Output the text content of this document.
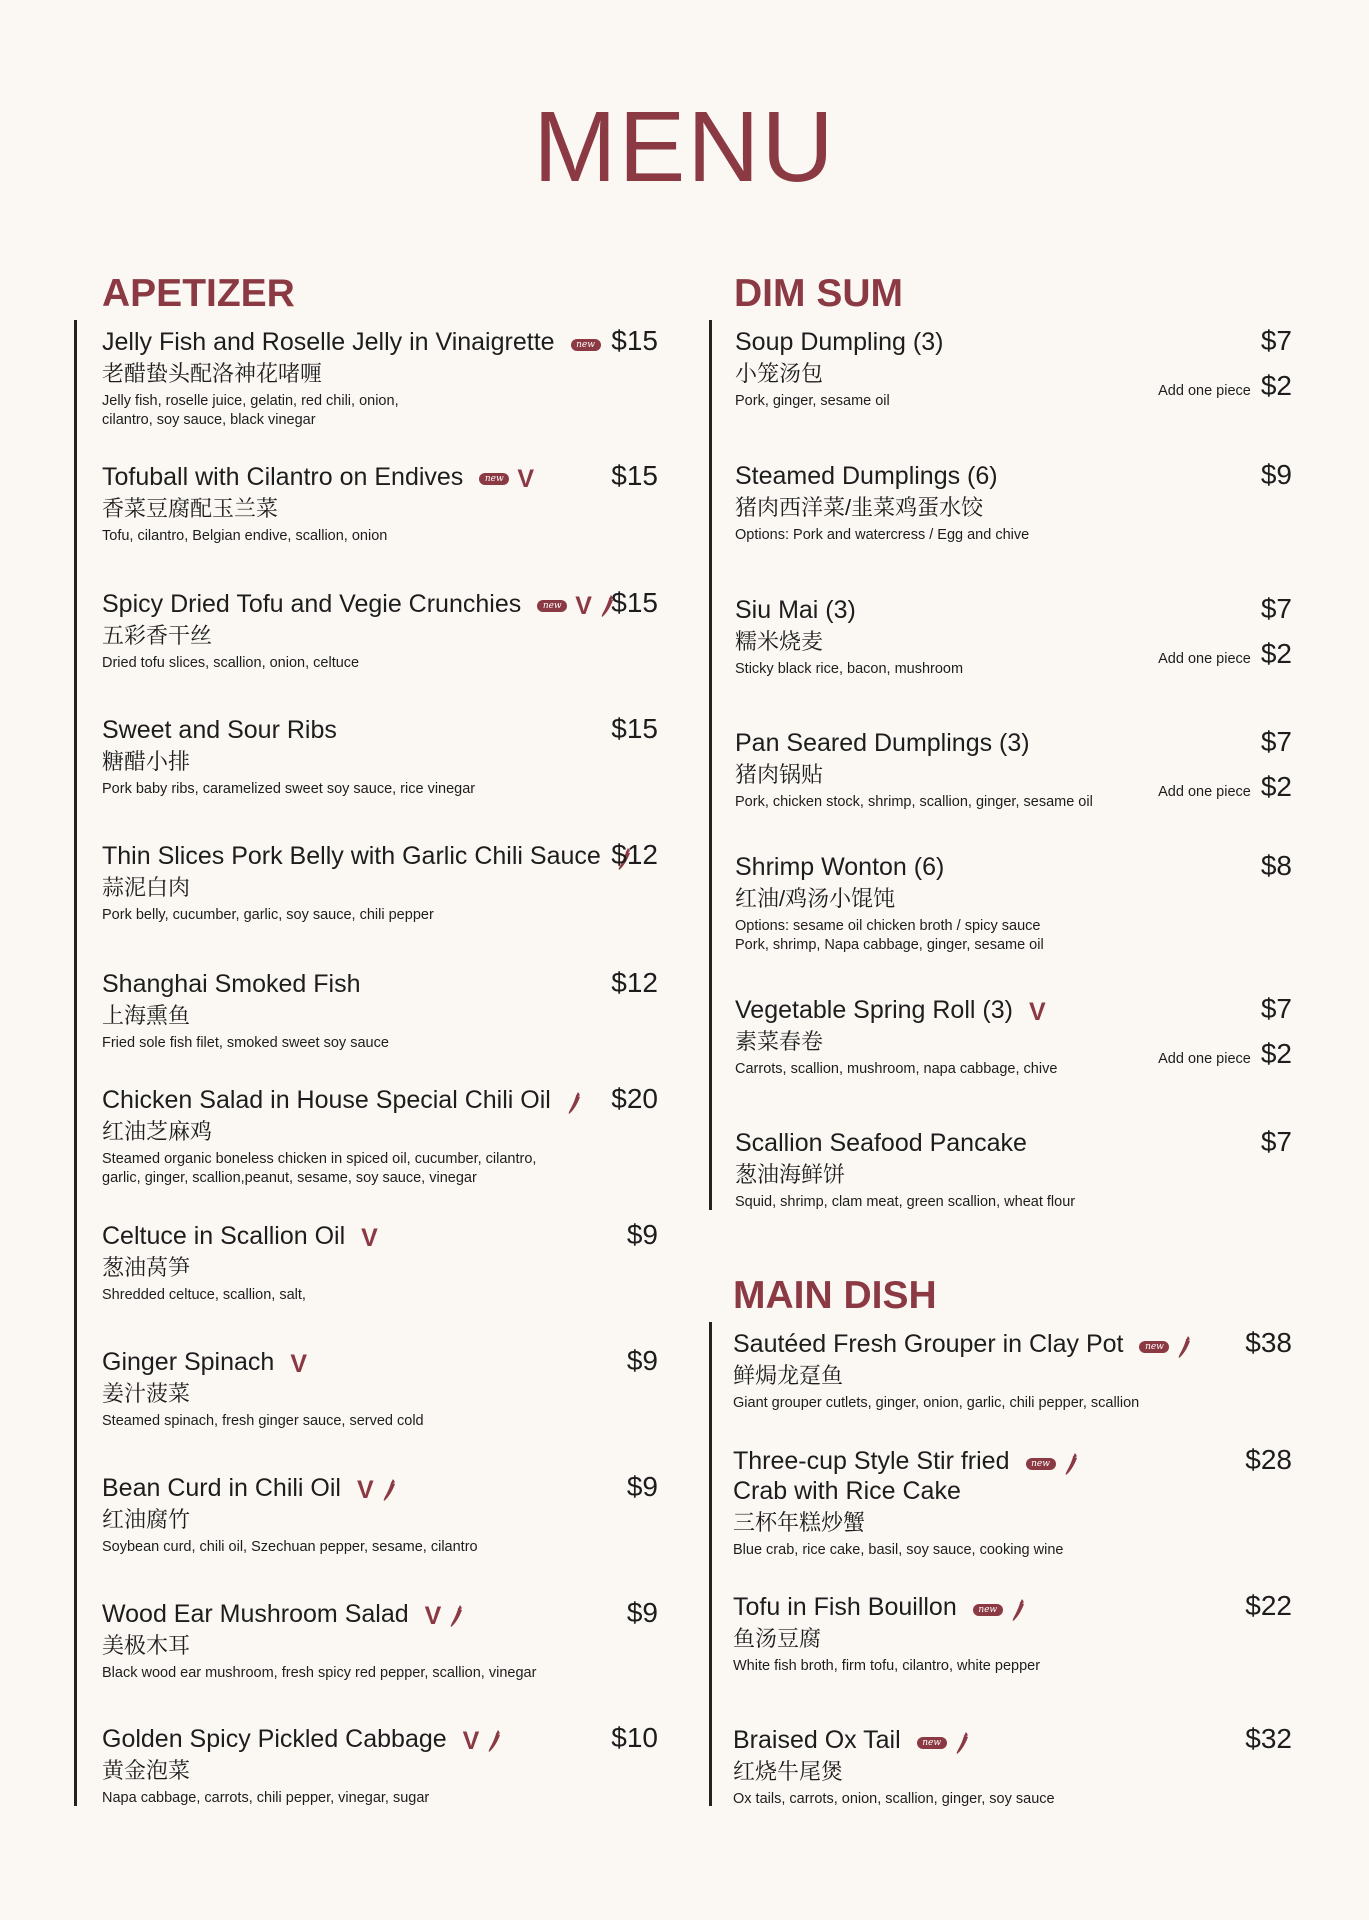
MENU
APETIZER	DIM SUM
MAIN DISH
Jelly Fish and Roselle Jelly in Vinaigrette new
老醋蛰头配洛神花啫喱
Jelly fish, roselle juice, gelatin, red chili, onion,
cilantro, soy sauce, black vinegar
$15
Tofuball with Cilantro on Endives new V
香菜豆腐配玉兰菜
Tofu, cilantro, Belgian endive, scallion, onion
$15
Spicy Dried Tofu and Vegie Crunchies new V
五彩香干丝
Dried tofu slices, scallion, onion, celtuce
$15
Sweet and Sour Ribs
糖醋小排
Pork baby ribs, caramelized sweet soy sauce, rice vinegar
$15
Thin Slices Pork Belly with Garlic Chili Sauce
蒜泥白肉
Pork belly, cucumber, garlic, soy sauce, chili pepper
$12
Shanghai Smoked Fish
上海熏鱼
Fried sole fish filet, smoked sweet soy sauce
$12
Chicken Salad in House Special Chili Oil
红油芝麻鸡
Steamed organic boneless chicken in spiced oil, cucumber, cilantro,
garlic, ginger, scallion,peanut, sesame, soy sauce, vinegar
$20
Celtuce in Scallion Oil V
葱油莴笋
Shredded celtuce, scallion, salt,
$9
Ginger Spinach V
姜汁菠菜
Steamed spinach, fresh ginger sauce, served cold
$9
Bean Curd in Chili Oil V
红油腐竹
Soybean curd, chili oil, Szechuan pepper, sesame, cilantro
$9
Wood Ear Mushroom Salad V
美极木耳
Black wood ear mushroom, fresh spicy red pepper, scallion, vinegar
$9
Golden Spicy Pickled Cabbage V
黄金泡菜
Napa cabbage, carrots, chili pepper, vinegar, sugar
$10
Soup Dumpling (3)
小笼汤包
Pork, ginger, sesame oil
$7
Add one piece $2
Steamed Dumplings (6)
猪肉西洋菜/韭菜鸡蛋水饺
Options: Pork and watercress / Egg and chive
$9
Siu Mai (3)
糯米烧麦
Sticky black rice, bacon, mushroom
$7
Add one piece $2
Pan Seared Dumplings (3)
猪肉锅贴
Pork, chicken stock, shrimp, scallion, ginger, sesame oil
$7
Add one piece $2
Shrimp Wonton (6)
红油/鸡汤小馄饨
Options: sesame oil chicken broth / spicy sauce
Pork, shrimp, Napa cabbage, ginger, sesame oil
$8
Vegetable Spring Roll (3) V
素菜春卷
Carrots, scallion, mushroom, napa cabbage, chive
$7
Add one piece $2
Scallion Seafood Pancake
葱油海鲜饼
Squid, shrimp, clam meat, green scallion, wheat flour
$7
Sautéed Fresh Grouper in Clay Pot new
鲜焗龙趸鱼
Giant grouper cutlets, ginger, onion, garlic, chili pepper, scallion
$38
Three-cup Style Stir fried new
Crab with Rice Cake
三杯年糕炒蟹
Blue crab, rice cake, basil, soy sauce, cooking wine
$28
Tofu in Fish Bouillon new
鱼汤豆腐
White fish broth, firm tofu, cilantro, white pepper
$22
Braised Ox Tail new
红烧牛尾煲
Ox tails, carrots, onion, scallion, ginger, soy sauce
$32
